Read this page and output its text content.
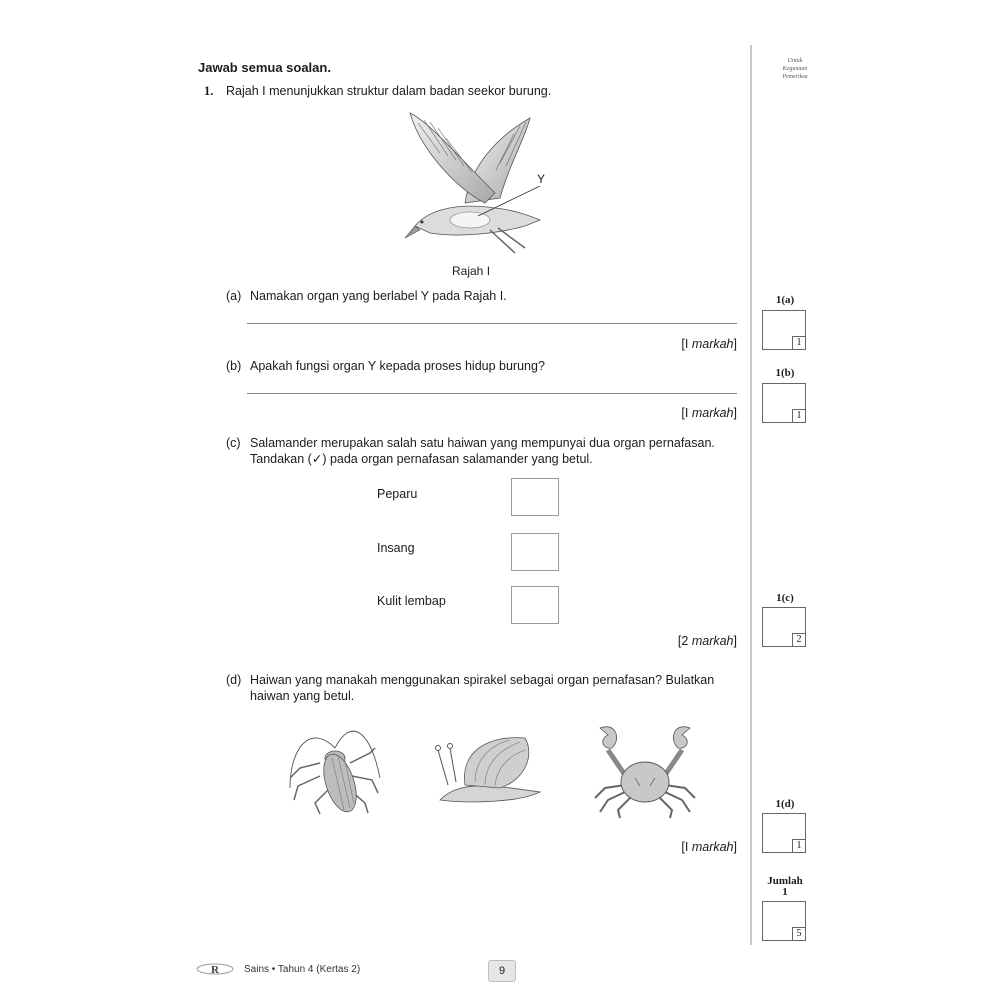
Jawab semua soalan.	Untuk
Kegunaan
Pemeriksa
1. Rajah I menunjukkan struktur dalam badan seekor burung.
Y
Rajah I
(a) Namakan organ yang berlabel Y pada Rajah I.
[I markah]
(b) Apakah fungsi organ Y kepada proses hidup burung?
[I markah]
(c) Salamander merupakan salah satu haiwan yang mempunyai dua organ pernafasan.
Tandakan (✓) pada organ pernafasan salamander yang betul.
Peparu
Insang
Kulit lembap
[2 markah]
(d) Haiwan yang manakah menggunakan spirakel sebagai organ pernafasan? Bulatkan
haiwan yang betul.
[I markah]
1(a)
1
1(b)
1
1(c)
2
1(d)
1
Jumlah
1
5
R	Sains • Tahun 4 (Kertas 2)	9
